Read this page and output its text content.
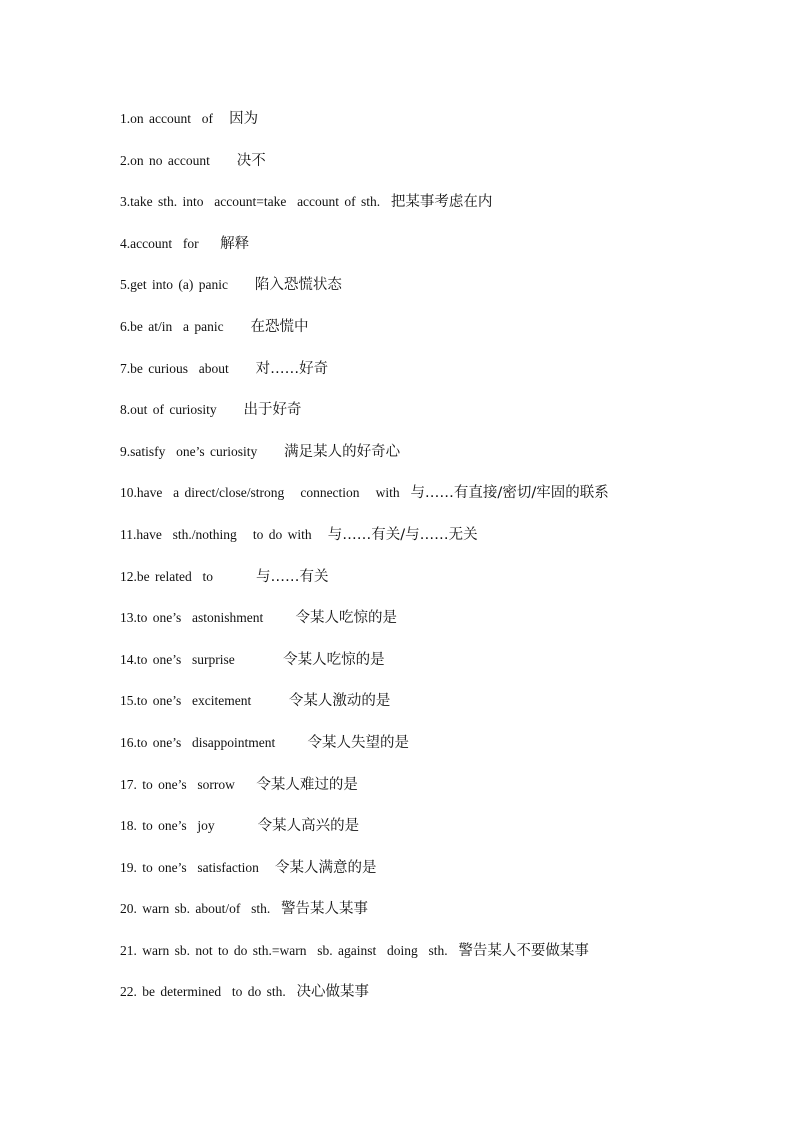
1.on account  of   因为
2.on no account     决不
3.take sth. into  account=take  account of sth.  把某事考虑在内
4.account  for    解释
5.get into (a) panic     陷入恐慌状态
6.be at/in  a panic     在恐慌中
7.be curious  about     对……好奇
8.out of curiosity     出于好奇
9.satisfy  one’s curiosity     满足某人的好奇心
10.have  a direct/close/strong   connection   with  与……有直接/密切/牢固的联系
11.have  sth./nothing   to do with   与……有关/与……无关
12.be related  to        与……有关
13.to one’s  astonishment      令某人吃惊的是
14.to one’s  surprise         令某人吃惊的是
15.to one’s  excitement       令某人激动的是
16.to one’s  disappointment      令某人失望的是
17. to one’s  sorrow    令某人难过的是
18. to one’s  joy        令某人高兴的是
19. to one’s  satisfaction   令某人满意的是
20. warn sb. about/of  sth.  警告某人某事
21. warn sb. not to do sth.=warn  sb. against  doing  sth.  警告某人不要做某事
22. be determined  to do sth.  决心做某事
